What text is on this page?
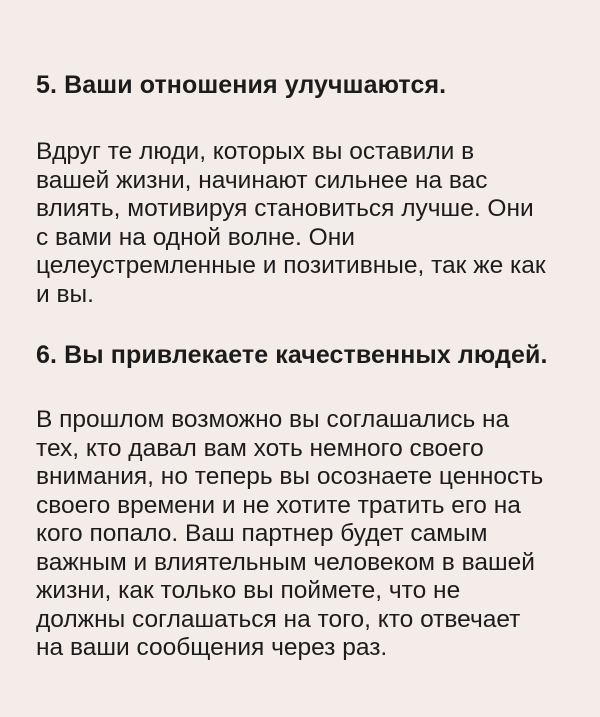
5. Ваши отношения улучшаются.

Вдруг те люди, которых вы оставили в
вашей жизни, начинают сильнее на вас
влиять, мотивируя становиться лучше. Они
с вами на одной волне. Они
целеустремленные и позитивные, так же как
и вы.

6. Вы привлекаете качественных людей.

В прошлом возможно вы соглашались на
тех, кто давал вам хоть немного своего
внимания, но теперь вы осознаете ценность
своего времени и не хотите тратить его на
кого попало. Ваш партнер будет самым
важным и влиятельным человеком в вашей
жизни, как только вы поймете, что не
должны соглашаться на того, кто отвечает
на ваши сообщения через раз.
